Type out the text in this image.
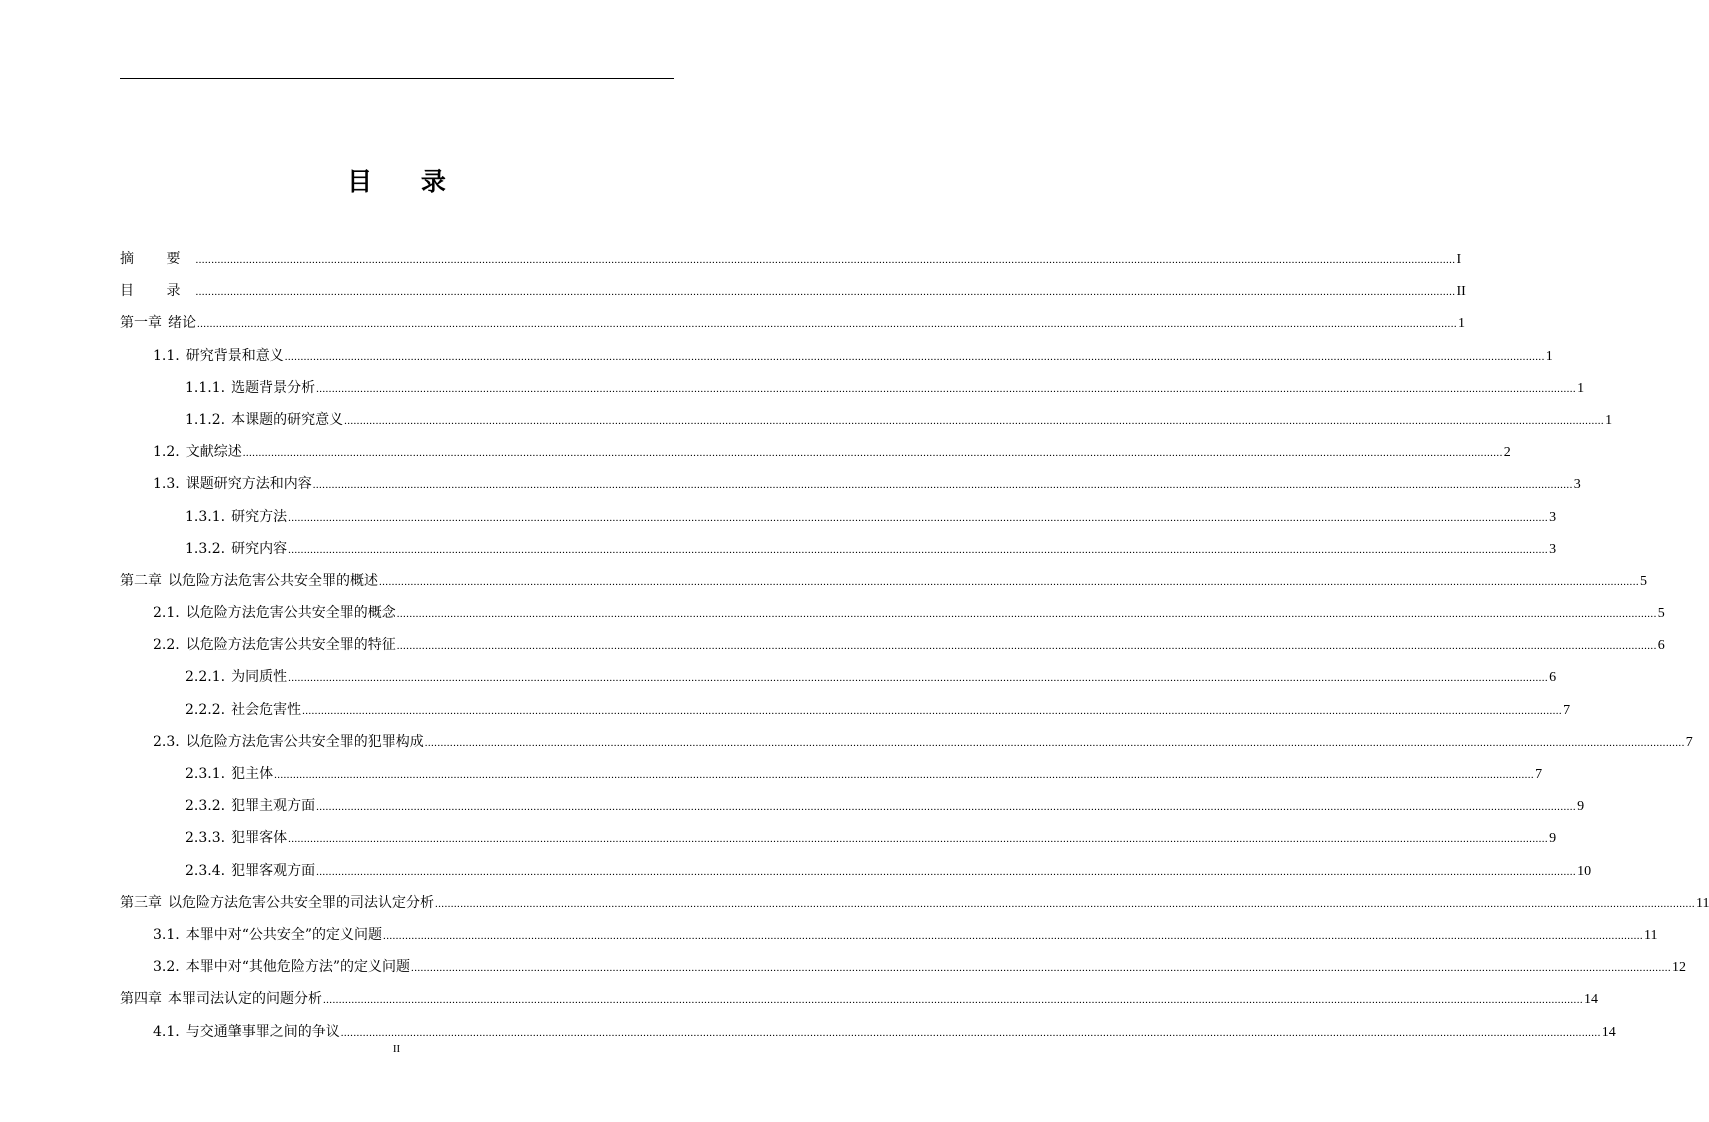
目 录
摘 要 ................................................................................................................................................................................................................................................................................................................................................................................................................ I
目 录 ................................................................................................................................................................................................................................................................................................................................................................................................................ II
第一章 绪论 ................................................................................................................................................................................................................................................................................................................................................................................................................ 1
1.1. 研究背景和意义 ................................................................................................................................................................................................................................................................................................................................................................................................................ 1
1.1.1. 选题背景分析 ................................................................................................................................................................................................................................................................................................................................................................................................................ 1
1.1.2. 本课题的研究意义 ................................................................................................................................................................................................................................................................................................................................................................................................................ 1
1.2. 文献综述 ................................................................................................................................................................................................................................................................................................................................................................................................................ 2
1.3. 课题研究方法和内容 ................................................................................................................................................................................................................................................................................................................................................................................................................ 3
1.3.1. 研究方法 ................................................................................................................................................................................................................................................................................................................................................................................................................ 3
1.3.2. 研究内容 ................................................................................................................................................................................................................................................................................................................................................................................................................ 3
第二章 以危险方法危害公共安全罪的概述 ................................................................................................................................................................................................................................................................................................................................................................................................................ 5
2.1. 以危险方法危害公共安全罪的概念 ................................................................................................................................................................................................................................................................................................................................................................................................................ 5
2.2. 以危险方法危害公共安全罪的特征 ................................................................................................................................................................................................................................................................................................................................................................................................................ 6
2.2.1. 为同质性 ................................................................................................................................................................................................................................................................................................................................................................................................................ 6
2.2.2. 社会危害性 ................................................................................................................................................................................................................................................................................................................................................................................................................ 7
2.3. 以危险方法危害公共安全罪的犯罪构成 ................................................................................................................................................................................................................................................................................................................................................................................................................ 7
2.3.1. 犯主体 ................................................................................................................................................................................................................................................................................................................................................................................................................ 7
2.3.2. 犯罪主观方面 ................................................................................................................................................................................................................................................................................................................................................................................................................ 9
2.3.3. 犯罪客体 ................................................................................................................................................................................................................................................................................................................................................................................................................ 9
2.3.4. 犯罪客观方面 ................................................................................................................................................................................................................................................................................................................................................................................................................ 10
第三章 以危险方法危害公共安全罪的司法认定分析 ................................................................................................................................................................................................................................................................................................................................................................................................................ 11
3.1. 本罪中对“公共安全”的定义问题 ................................................................................................................................................................................................................................................................................................................................................................................................................ 11
3.2. 本罪中对“其他危险方法”的定义问题 ................................................................................................................................................................................................................................................................................................................................................................................................................ 12
第四章 本罪司法认定的问题分析 ................................................................................................................................................................................................................................................................................................................................................................................................................ 14
4.1. 与交通肇事罪之间的争议 ................................................................................................................................................................................................................................................................................................................................................................................................................ 14
II
